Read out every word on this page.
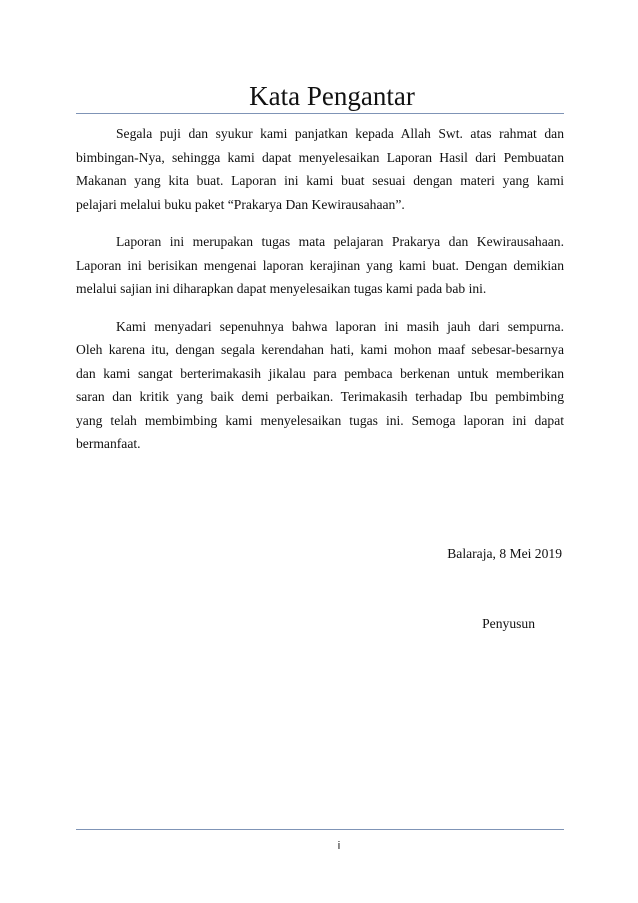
Kata Pengantar
Segala puji dan syukur kami panjatkan kepada Allah Swt. atas rahmat dan
bimbingan-Nya, sehingga kami dapat menyelesaikan Laporan Hasil dari Pembuatan
Makanan yang kita buat. Laporan ini kami buat sesuai dengan materi yang kami
pelajari melalui buku paket “Prakarya Dan Kewirausahaan”.
Laporan ini merupakan tugas mata pelajaran Prakarya dan Kewirausahaan.
Laporan ini berisikan mengenai laporan kerajinan yang kami buat. Dengan demikian
melalui sajian ini diharapkan dapat menyelesaikan tugas kami pada bab ini.
Kami menyadari sepenuhnya bahwa laporan ini masih jauh dari sempurna.
Oleh karena itu, dengan segala kerendahan hati, kami mohon maaf sebesar-besarnya
dan kami sangat berterimakasih jikalau para pembaca berkenan untuk memberikan
saran dan kritik yang baik demi perbaikan. Terimakasih terhadap Ibu pembimbing
yang telah membimbing kami menyelesaikan tugas ini. Semoga laporan ini dapat
bermanfaat.
Balaraja, 8 Mei 2019
Penyusun
i
